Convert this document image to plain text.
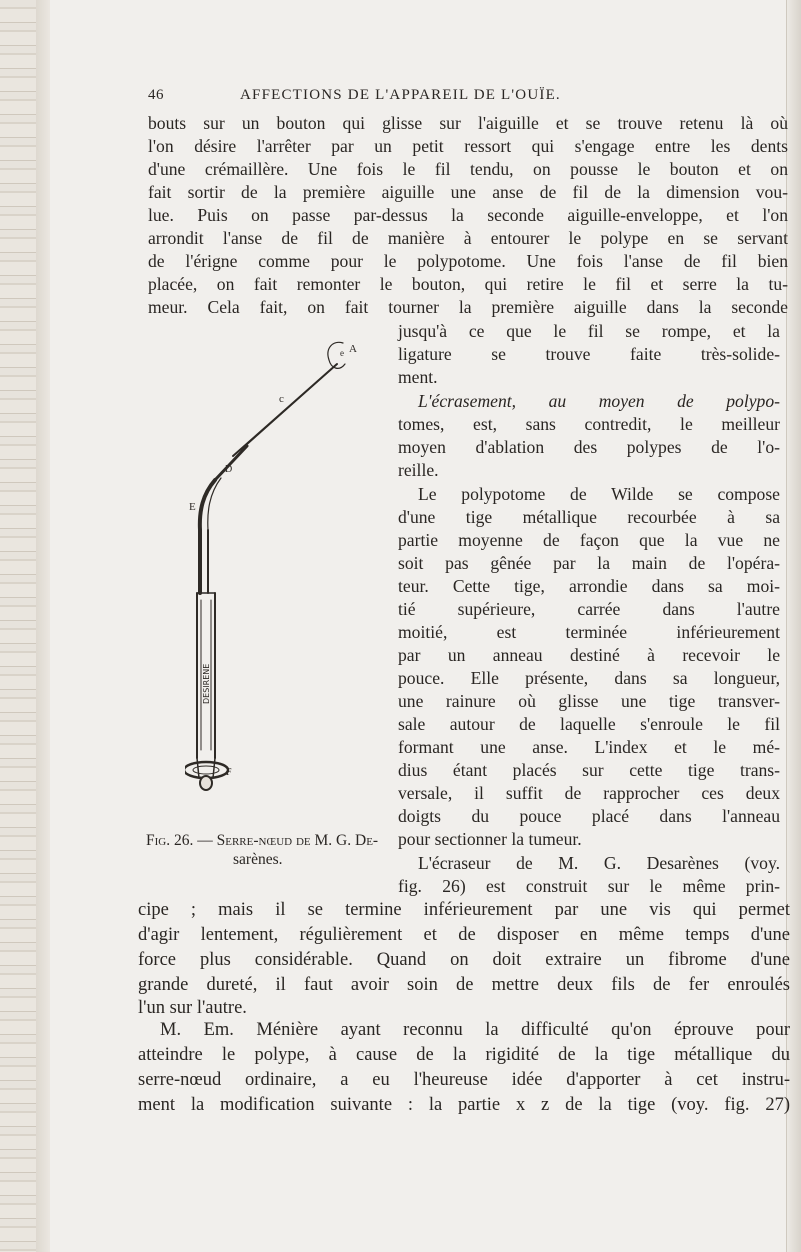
46	AFFECTIONS DE L'APPAREIL DE L'OUÏE.
bouts sur un bouton qui glisse sur l'aiguille et se trouve retenu là où
l'on désire l'arrêter par un petit ressort qui s'engage entre les dents
d'une crémaillère. Une fois le fil tendu, on pousse le bouton et on
fait sortir de la première aiguille une anse de fil de la dimension vou-
lue. Puis on passe par-dessus la seconde aiguille-enveloppe, et l'on
arrondit l'anse de fil de manière à entourer le polype en se servant
de l'érigne comme pour le polypotome. Une fois l'anse de fil bien
placée, on fait remonter le bouton, qui retire le fil et serre la tu-
meur. Cela fait, on fait tourner la première aiguille dans la seconde
jusqu'à ce que le fil se rompe, et la
ligature se trouve faite très-solide-
ment.
L'écrasement, au moyen de polypo-
tomes, est, sans contredit, le meilleur
moyen d'ablation des polypes de l'o-
reille.
Le polypotome de Wilde se compose
d'une tige métallique recourbée à sa
partie moyenne de façon que la vue ne
soit pas gênée par la main de l'opéra-
teur. Cette tige, arrondie dans sa moi-
tié supérieure, carrée dans l'autre
moitié, est terminée inférieurement
par un anneau destiné à recevoir le
pouce. Elle présente, dans sa longueur,
une rainure où glisse une tige transver-
sale autour de laquelle s'enroule le fil
formant une anse. L'index et le mé-
dius étant placés sur cette tige trans-
versale, il suffit de rapprocher ces deux
doigts du pouce placé dans l'anneau
pour sectionner la tumeur.
L'écraseur de M. G. Desarènes (voy.
fig. 26) est construit sur le même prin-
Fig. 26. — Serre-nœud de M. G. De-
sarènes.
cipe ; mais il se termine inférieurement par une vis qui permet
d'agir lentement, régulièrement et de disposer en même temps d'une
force plus considérable. Quand on doit extraire un fibrome d'une
grande dureté, il faut avoir soin de mettre deux fils de fer enroulés
l'un sur l'autre.
M. Em. Ménière ayant reconnu la difficulté qu'on éprouve pour
atteindre le polype, à cause de la rigidité de la tige métallique du
serre-nœud ordinaire, a eu l'heureuse idée d'apporter à cet instru-
ment la modification suivante : la partie x z de la tige (voy. fig. 27)
DESIRENE
A
e
c
D
E
F
